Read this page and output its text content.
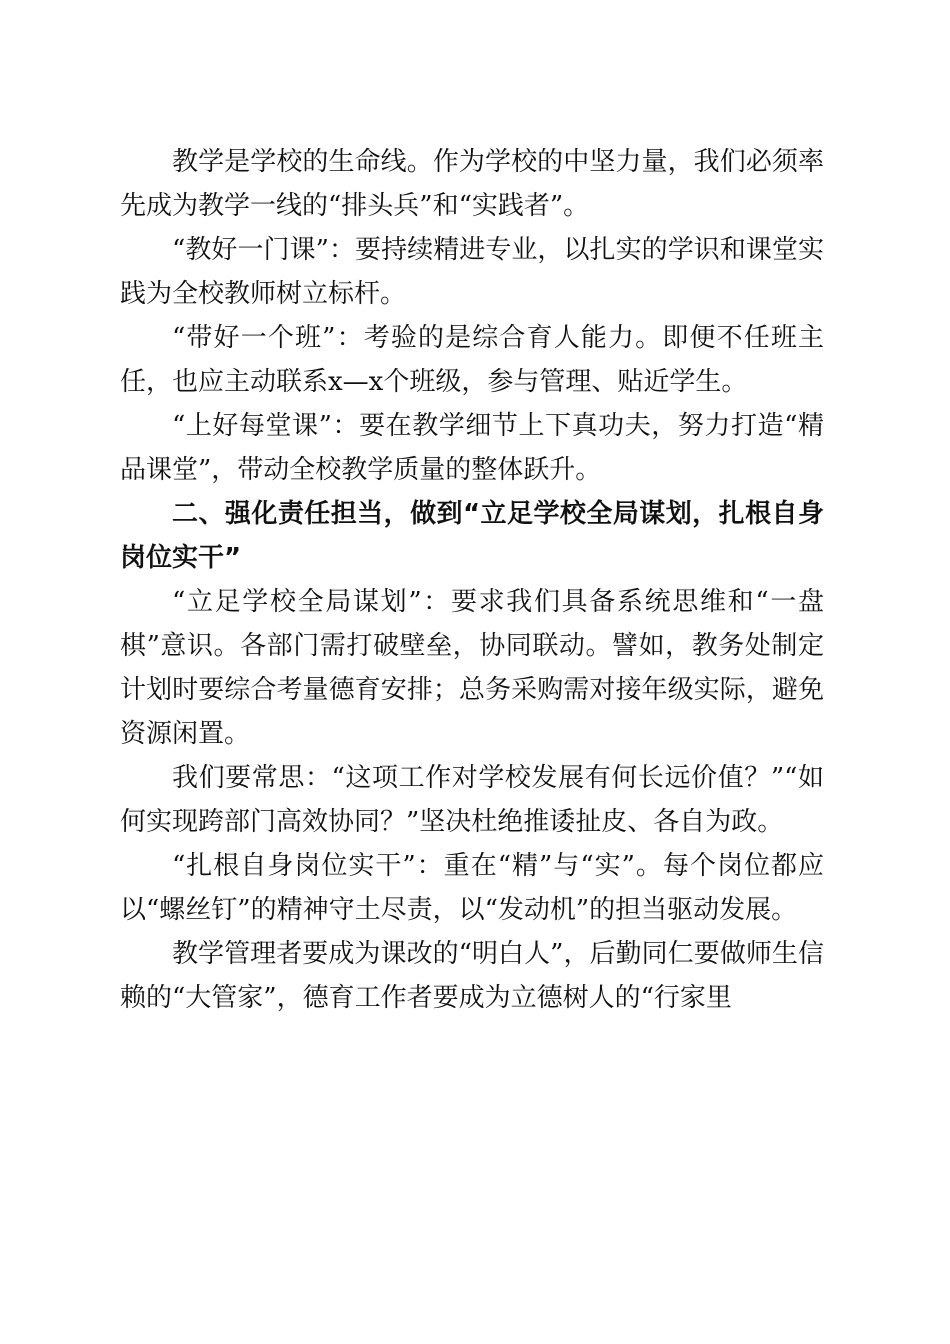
教学是学校的生命线。作为学校的中坚力量，我们必须率先成为教学一线的“排头兵”和“实践者”。

“教好一门课”：要持续精进专业，以扎实的学识和课堂实践为全校教师树立标杆。

“带好一个班”：考验的是综合育人能力。即便不任班主任，也应主动联系x—x个班级，参与管理、贴近学生。

“上好每堂课”：要在教学细节上下真功夫，努力打造“精品课堂”，带动全校教学质量的整体跃升。

二、强化责任担当，做到“立足学校全局谋划，扎根自身岗位实干”

“立足学校全局谋划”：要求我们具备系统思维和“一盘棋”意识。各部门需打破壁垒，协同联动。譬如，教务处制定计划时要综合考量德育安排；总务采购需对接年级实际，避免资源闲置。

我们要常思：“这项工作对学校发展有何长远价值？”“如何实现跨部门高效协同？”坚决杜绝推诿扯皮、各自为政。

“扎根自身岗位实干”：重在“精”与“实”。每个岗位都应以“螺丝钉”的精神守土尽责，以“发动机”的担当驱动发展。

教学管理者要成为课改的“明白人”，后勤同仁要做师生信赖的“大管家”，德育工作者要成为立德树人的“行家里
